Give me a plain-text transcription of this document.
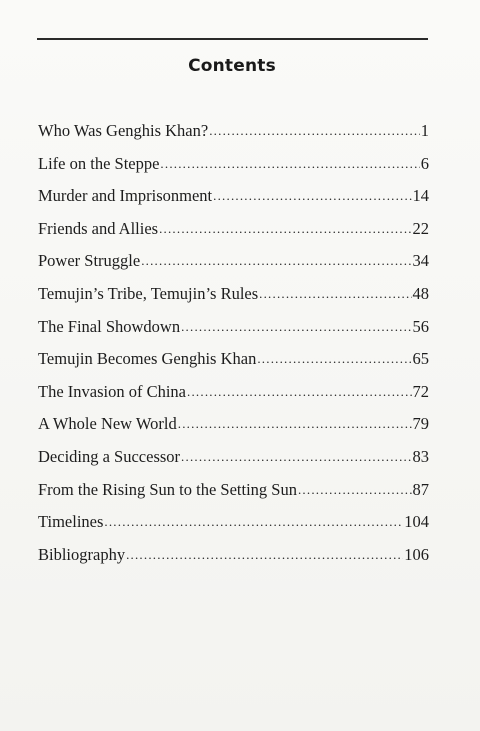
Contents
Who Was Genghis Khan? .....	1
Life on the Steppe .....	6
Murder and Imprisonment .....	14
Friends and Allies .....	22
Power Struggle .....	34
Temujin’s Tribe, Temujin’s Rules .....	48
The Final Showdown .....	56
Temujin Becomes Genghis Khan .....	65
The Invasion of China .....	72
A Whole New World .....	79
Deciding a Successor .....	83
From the Rising Sun to the Setting Sun .....	87
Timelines .....	104
Bibliography .....	106
